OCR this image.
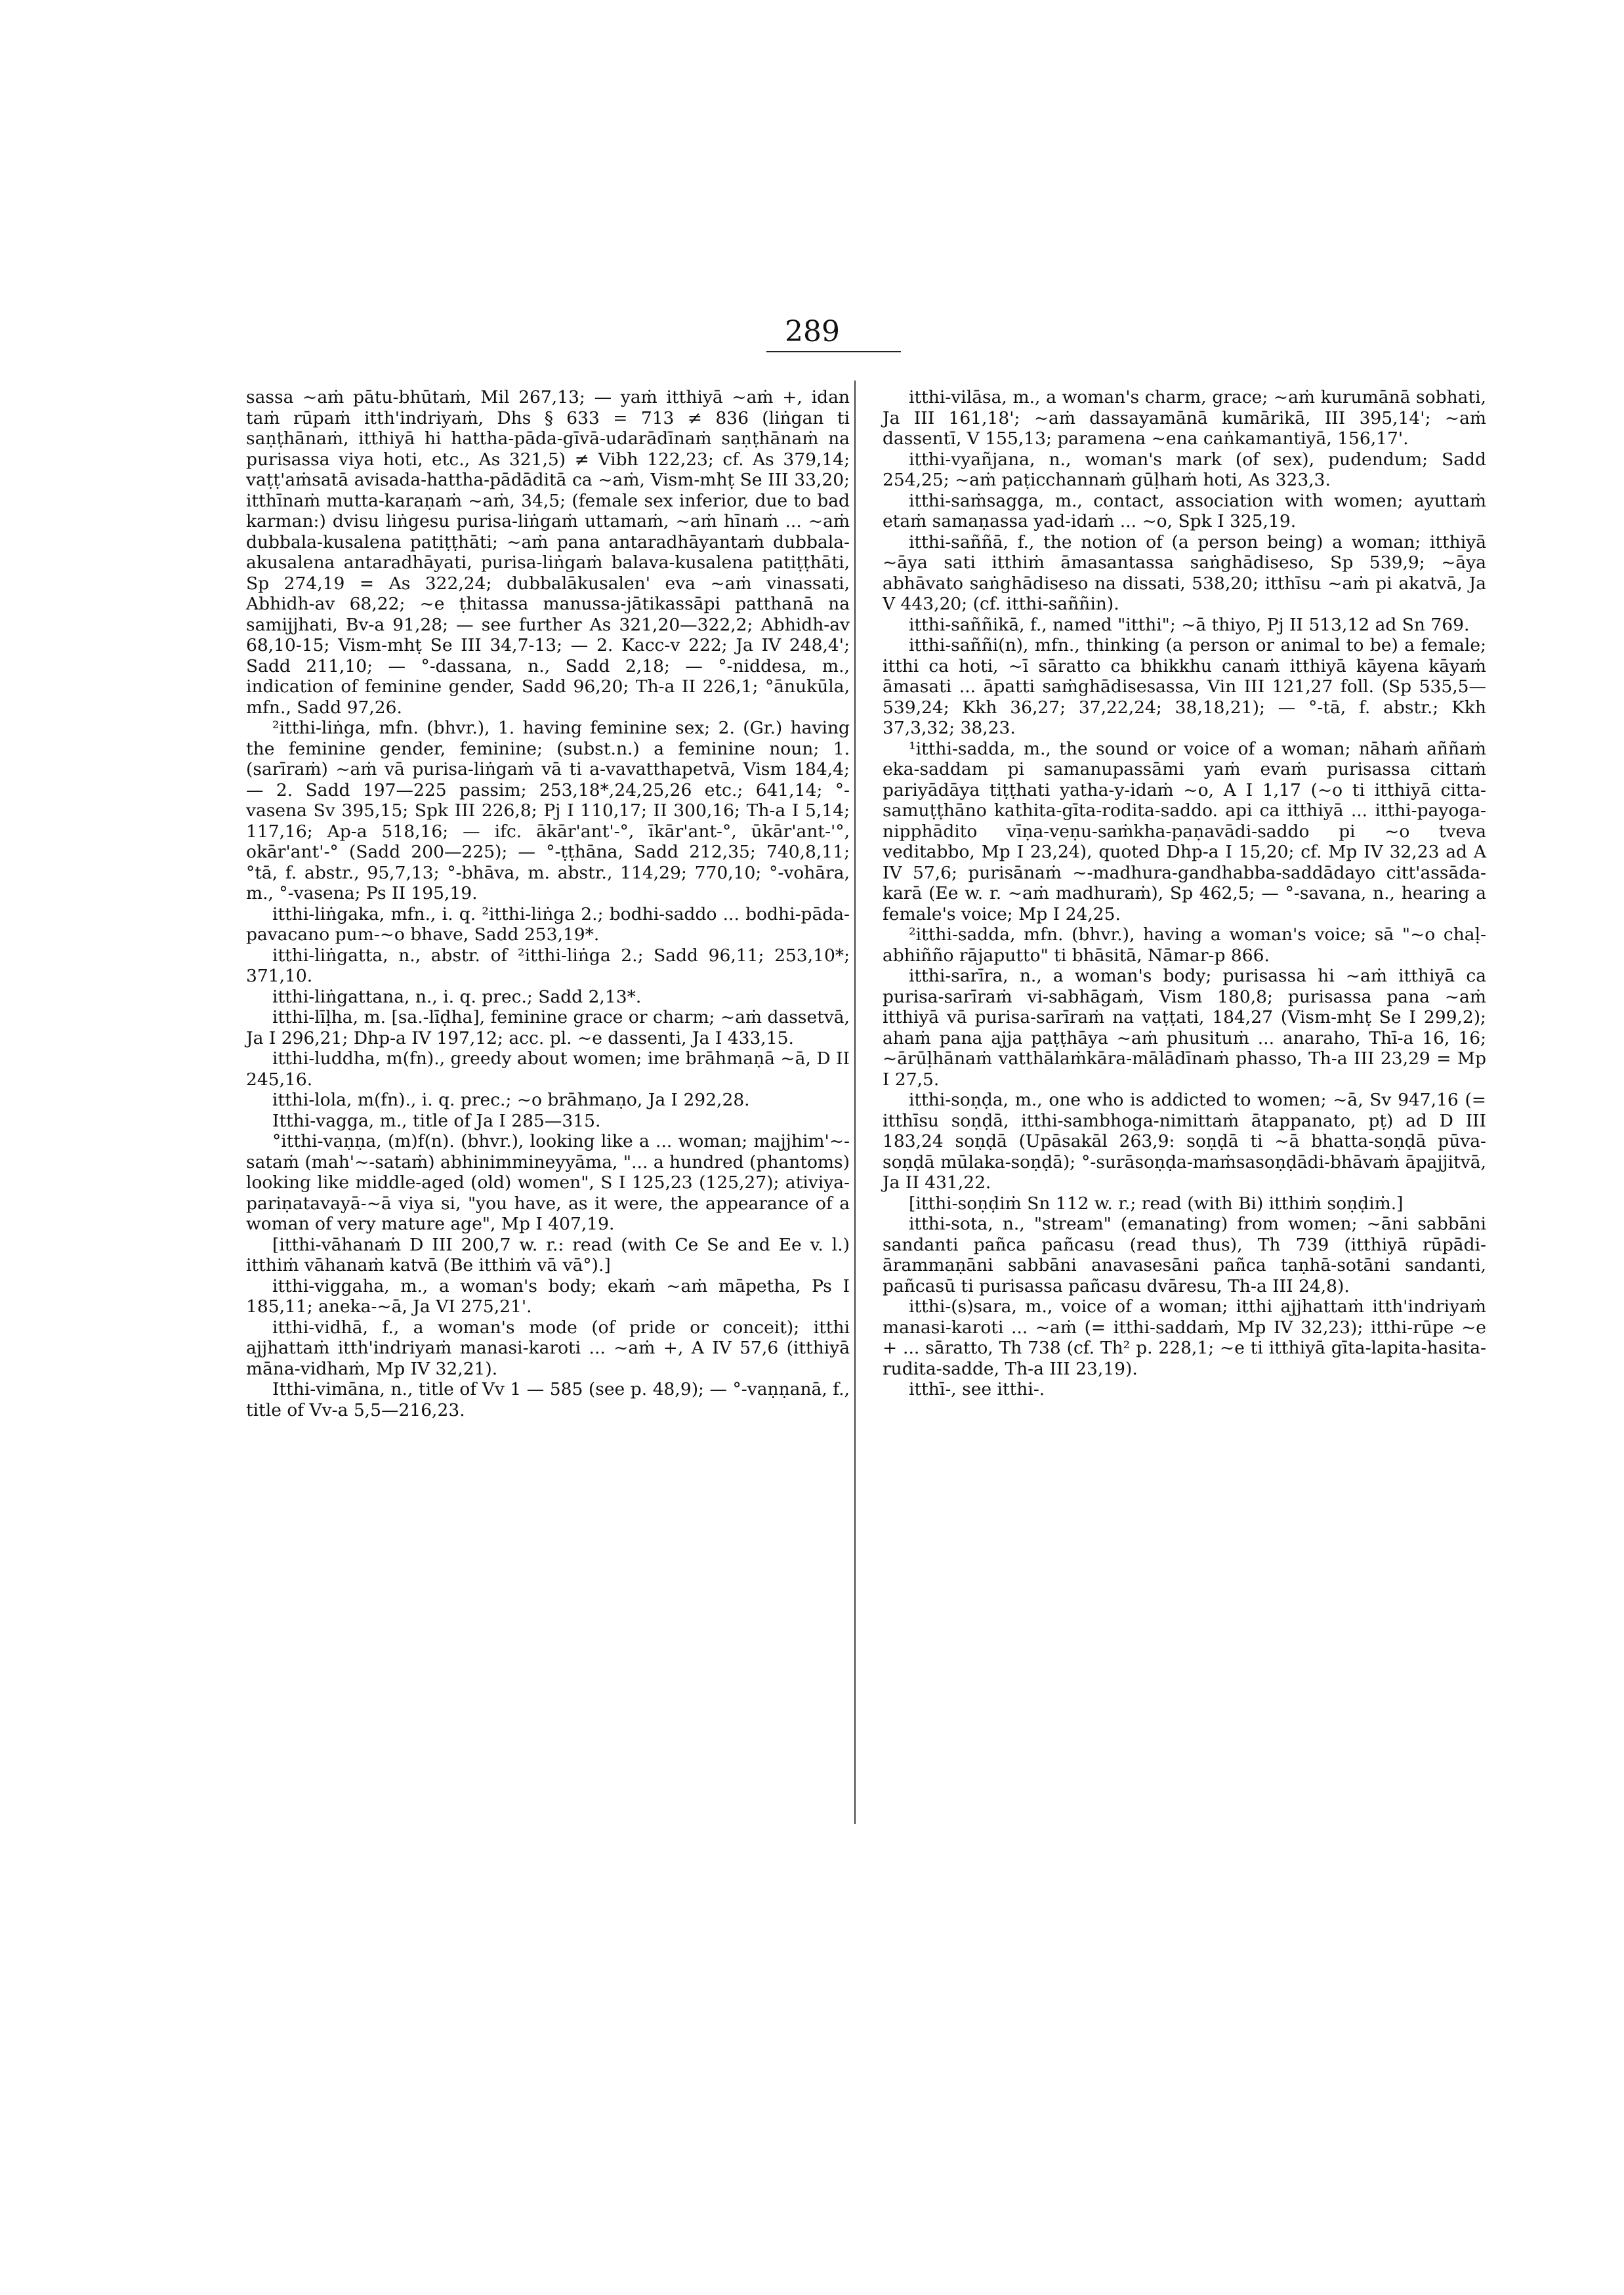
289

sassa ~aṁ pātu-bhūtaṁ, Mil 267,13; — yaṁ itthiyā ~aṁ +, idan taṁ rūpaṁ itth'indriyaṁ, Dhs § 633 = 713 ≠ 836 (liṅgan ti saṇṭhānaṁ, itthiyā hi hattha-pāda-gīvā-udarādīnaṁ saṇṭhānaṁ na purisassa viya hoti, etc., As 321,5) ≠ Vibh 122,23; cf. As 379,14; vaṭṭ'aṁsatā avisada-hattha-pādāditā ca ~aṁ, Vism-mhṭ Se III 33,20; itthīnaṁ mutta-karaṇaṁ ~aṁ, 34,5; (female sex inferior, due to bad karman:) dvisu liṅgesu purisa-liṅgaṁ uttamaṁ, ~aṁ hīnaṁ ... ~aṁ dubbala-kusalena patiṭṭhāti; ~aṁ pana antaradhāyantaṁ dubbala-akusalena antaradhāyati, purisa-liṅgaṁ balava-kusalena patiṭṭhāti, Sp 274,19 = As 322,24; dubbalākusalen' eva ~aṁ vinassati, Abhidh-av 68,22; ~e ṭhitassa manussa-jātikassāpi patthanā na samijjhati, Bv-a 91,28; — see further As 321,20—322,2; Abhidh-av 68,10-15; Vism-mhṭ Se III 34,7-13; — 2. Kacc-v 222; Ja IV 248,4'; Sadd 211,10; — °-dassana, n., Sadd 2,18; — °-niddesa, m., indication of feminine gender, Sadd 96,20; Th-a II 226,1; °ānukūla, mfn., Sadd 97,26.

²itthi-liṅga, mfn. (bhvr.), 1. having feminine sex; 2. (Gr.) having the feminine gender, feminine; (subst.n.) a feminine noun; 1. (sarīraṁ) ~aṁ vā purisa-liṅgaṁ vā ti a-vavatthapetvā, Vism 184,4; — 2. Sadd 197—225 passim; 253,18*,24,25,26 etc.; 641,14; °-vasena Sv 395,15; Spk III 226,8; Pj I 110,17; II 300,16; Th-a I 5,14; 117,16; Ap-a 518,16; — ifc. ākār'ant'-°, īkār'ant-°, ūkār'ant-'°, okār'ant'-° (Sadd 200—225); — °-ṭṭhāna, Sadd 212,35; 740,8,11; °tā, f. abstr., 95,7,13; °-bhāva, m. abstr., 114,29; 770,10; °-vohāra, m., °-vasena; Ps II 195,19.

itthi-liṅgaka, mfn., i. q. ²itthi-liṅga 2.; bodhi-saddo ... bodhi-pāda-pavacano pum-~o bhave, Sadd 253,19*.

itthi-liṅgatta, n., abstr. of ²itthi-liṅga 2.; Sadd 96,11; 253,10*; 371,10.

itthi-liṅgattana, n., i. q. prec.; Sadd 2,13*.

itthi-līḷha, m. [sa.-līḍha], feminine grace or charm; ~aṁ dassetvā, Ja I 296,21; Dhp-a IV 197,12; acc. pl. ~e dassenti, Ja I 433,15.

itthi-luddha, m(fn)., greedy about women; ime brāhmaṇā ~ā, D II 245,16.

itthi-lola, m(fn)., i. q. prec.; ~o brāhmaṇo, Ja I 292,28.

Itthi-vagga, m., title of Ja I 285—315.

°itthi-vaṇṇa, (m)f(n). (bhvr.), looking like a ... woman; majjhim'~-sataṁ (mah'~-sataṁ) abhinimmineyyāma, "... a hundred (phantoms) looking like middle-aged (old) women", S I 125,23 (125,27); ativiya-pariṇatavayā-~ā viya si, "you have, as it were, the appearance of a woman of very mature age", Mp I 407,19.

[itthi-vāhanaṁ D III 200,7 w. r.: read (with Ce Se and Ee v. l.) itthiṁ vāhanaṁ katvā (Be itthiṁ vā vā°).]

itthi-viggaha, m., a woman's body; ekaṁ ~aṁ māpetha, Ps I 185,11; aneka-~ā, Ja VI 275,21'.

itthi-vidhā, f., a woman's mode (of pride or conceit); itthi ajjhattaṁ itth'indriyaṁ manasi-karoti ... ~aṁ +, A IV 57,6 (itthiyā māna-vidhaṁ, Mp IV 32,21).

Itthi-vimāna, n., title of Vv 1 — 585 (see p. 48,9); — °-vaṇṇanā, f., title of Vv-a 5,5—216,23.

itthi-vilāsa, m., a woman's charm, grace; ~aṁ kurumānā sobhati, Ja III 161,18'; ~aṁ dassayamānā kumārikā, III 395,14'; ~aṁ dassentī, V 155,13; paramena ~ena caṅkamantiyā, 156,17'.

itthi-vyañjana, n., woman's mark (of sex), pudendum; Sadd 254,25; ~aṁ paṭicchannaṁ gūḷhaṁ hoti, As 323,3.

itthi-saṁsagga, m., contact, association with women; ayuttaṁ etaṁ samaṇassa yad-idaṁ ... ~o, Spk I 325,19.

itthi-saññā, f., the notion of (a person being) a woman; itthiyā ~āya sati itthiṁ āmasantassa saṅghādiseso, Sp 539,9; ~āya abhāvato saṅghādiseso na dissati, 538,20; itthīsu ~aṁ pi akatvā, Ja V 443,20; (cf. itthi-saññin).

itthi-saññikā, f., named "itthi"; ~ā thiyo, Pj II 513,12 ad Sn 769.

itthi-saññi(n), mfn., thinking (a person or animal to be) a female; itthi ca hoti, ~ī sāratto ca bhikkhu canaṁ itthiyā kāyena kāyaṁ āmasati ... āpatti saṁghādisesassa, Vin III 121,27 foll. (Sp 535,5—539,24; Kkh 36,27; 37,22,24; 38,18,21); — °-tā, f. abstr.; Kkh 37,3,32; 38,23.

¹itthi-sadda, m., the sound or voice of a woman; nāhaṁ aññaṁ eka-saddam pi samanupassāmi yaṁ evaṁ purisassa cittaṁ pariyādāya tiṭṭhati yatha-y-idaṁ ~o, A I 1,17 (~o ti itthiyā citta-samuṭṭhāno kathita-gīta-rodita-saddo. api ca itthiyā ... itthi-payoga-nipphādito vīṇa-veṇu-saṁkha-paṇavādi-saddo pi ~o tveva veditabbo, Mp I 23,24), quoted Dhp-a I 15,20; cf. Mp IV 32,23 ad A IV 57,6; purisānaṁ ~-madhura-gandhabba-saddādayo citt'assāda-karā (Ee w. r. ~aṁ madhuraṁ), Sp 462,5; — °-savana, n., hearing a female's voice; Mp I 24,25.

²itthi-sadda, mfn. (bhvr.), having a woman's voice; sā "~o chaḷ-abhiñño rājaputto" ti bhāsitā, Nāmar-p 866.

itthi-sarīra, n., a woman's body; purisassa hi ~aṁ itthiyā ca purisa-sarīraṁ vi-sabhāgaṁ, Vism 180,8; purisassa pana ~aṁ itthiyā vā purisa-sarīraṁ na vaṭṭati, 184,27 (Vism-mhṭ Se I 299,2); ahaṁ pana ajja paṭṭhāya ~aṁ phusituṁ ... anaraho, Thī-a 16, 16; ~ārūḷhānaṁ vatthālaṁkāra-mālādīnaṁ phasso, Th-a III 23,29 = Mp I 27,5.

itthi-soṇḍa, m., one who is addicted to women; ~ā, Sv 947,16 (= itthīsu soṇḍā, itthi-sambhoga-nimittaṁ ātappanato, pṭ) ad D III 183,24 soṇḍā (Upāsakāl 263,9: soṇḍā ti ~ā bhatta-soṇḍā pūva-soṇḍā mūlaka-soṇḍā); °-surāsoṇḍa-maṁsasoṇḍādi-bhāvaṁ āpajjitvā, Ja II 431,22.

[itthi-soṇḍiṁ Sn 112 w. r.; read (with Bi) itthiṁ soṇḍiṁ.]

itthi-sota, n., "stream" (emanating) from women; ~āni sabbāni sandanti pañca pañcasu (read thus), Th 739 (itthiyā rūpādi-ārammaṇāni sabbāni anavasesāni pañca taṇhā-sotāni sandanti, pañcasū ti purisassa pañcasu dvāresu, Th-a III 24,8).

itthi-(s)sara, m., voice of a woman; itthi ajjhattaṁ itth'indriyaṁ manasi-karoti ... ~aṁ (= itthi-saddaṁ, Mp IV 32,23); itthi-rūpe ~e + ... sāratto, Th 738 (cf. Th² p. 228,1; ~e ti itthiyā gīta-lapita-hasita-rudita-sadde, Th-a III 23,19).

itthī-, see itthi-.
